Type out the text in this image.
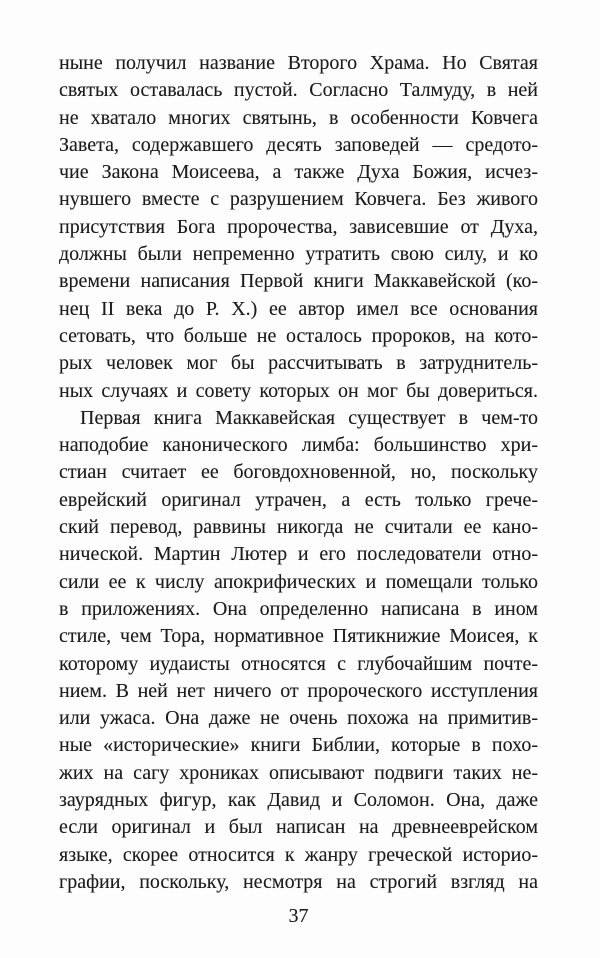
ныне получил название Второго Храма. Но Святая
святых оставалась пустой. Согласно Талмуду, в ней
не хватало многих святынь, в особенности Ковчега
Завета, содержавшего десять заповедей — средото-
чие Закона Моисеева, а также Духа Божия, исчез-
нувшего вместе с разрушением Ковчега. Без живого
присутствия Бога пророчества, зависевшие от Духа,
должны были непременно утратить свою силу, и ко
времени написания Первой книги Маккавейской (ко-
нец II века до Р. Х.) ее автор имел все основания
сетовать, что больше не осталось пророков, на кото-
рых человек мог бы рассчитывать в затруднитель-
ных случаях и совету которых он мог бы довериться.
Первая книга Маккавейская существует в чем-то
наподобие канонического лимба: большинство хри-
стиан считает ее боговдохновенной, но, поскольку
еврейский оригинал утрачен, а есть только грече-
ский перевод, раввины никогда не считали ее кано-
нической. Мартин Лютер и его последователи отно-
сили ее к числу апокрифических и помещали только
в приложениях. Она определенно написана в ином
стиле, чем Тора, нормативное Пятикнижие Моисея, к
которому иудаисты относятся с глубочайшим почте-
нием. В ней нет ничего от пророческого исступления
или ужаса. Она даже не очень похожа на примитив-
ные «исторические» книги Библии, которые в похо-
жих на сагу хрониках описывают подвиги таких не-
заурядных фигур, как Давид и Соломон. Она, даже
если оригинал и был написан на древнееврейском
языке, скорее относится к жанру греческой историо-
графии, поскольку, несмотря на строгий взгляд на
37
